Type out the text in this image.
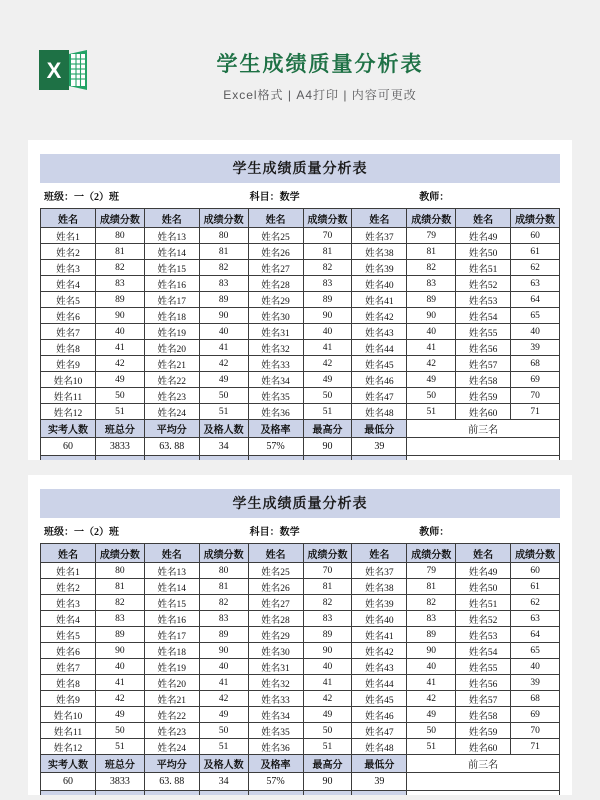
X	学生成绩质量分析表
Excel格式 | A4打印 | 内容可更改
学生成绩质量分析表
班级：一（2）班	科目：数学	教师：
姓名	成绩分数	姓名	成绩分数	姓名	成绩分数	姓名	成绩分数	姓名	成绩分数
姓名1	80	姓名13	80	姓名25	70	姓名37	79	姓名49	60
姓名2	81	姓名14	81	姓名26	81	姓名38	81	姓名50	61
姓名3	82	姓名15	82	姓名27	82	姓名39	82	姓名51	62
姓名4	83	姓名16	83	姓名28	83	姓名40	83	姓名52	63
姓名5	89	姓名17	89	姓名29	89	姓名41	89	姓名53	64
姓名6	90	姓名18	90	姓名30	90	姓名42	90	姓名54	65
姓名7	40	姓名19	40	姓名31	40	姓名43	40	姓名55	40
姓名8	41	姓名20	41	姓名32	41	姓名44	41	姓名56	39
姓名9	42	姓名21	42	姓名33	42	姓名45	42	姓名57	68
姓名10	49	姓名22	49	姓名34	49	姓名46	49	姓名58	69
姓名11	50	姓名23	50	姓名35	50	姓名47	50	姓名59	70
姓名12	51	姓名24	51	姓名36	51	姓名48	51	姓名60	71
实考人数	班总分	平均分	及格人数	及格率	最高分	最低分	前三名		
60	3833	63. 88	34	57%	90	39			

学生成绩质量分析表
班级：一（2）班	科目：数学	教师：
姓名	成绩分数	姓名	成绩分数	姓名	成绩分数	姓名	成绩分数	姓名	成绩分数
姓名1	80	姓名13	80	姓名25	70	姓名37	79	姓名49	60
姓名2	81	姓名14	81	姓名26	81	姓名38	81	姓名50	61
姓名3	82	姓名15	82	姓名27	82	姓名39	82	姓名51	62
姓名4	83	姓名16	83	姓名28	83	姓名40	83	姓名52	63
姓名5	89	姓名17	89	姓名29	89	姓名41	89	姓名53	64
姓名6	90	姓名18	90	姓名30	90	姓名42	90	姓名54	65
姓名7	40	姓名19	40	姓名31	40	姓名43	40	姓名55	40
姓名8	41	姓名20	41	姓名32	41	姓名44	41	姓名56	39
姓名9	42	姓名21	42	姓名33	42	姓名45	42	姓名57	68
姓名10	49	姓名22	49	姓名34	49	姓名46	49	姓名58	69
姓名11	50	姓名23	50	姓名35	50	姓名47	50	姓名59	70
姓名12	51	姓名24	51	姓名36	51	姓名48	51	姓名60	71
实考人数	班总分	平均分	及格人数	及格率	最高分	最低分	前三名		
60	3833	63. 88	34	57%	90	39			
